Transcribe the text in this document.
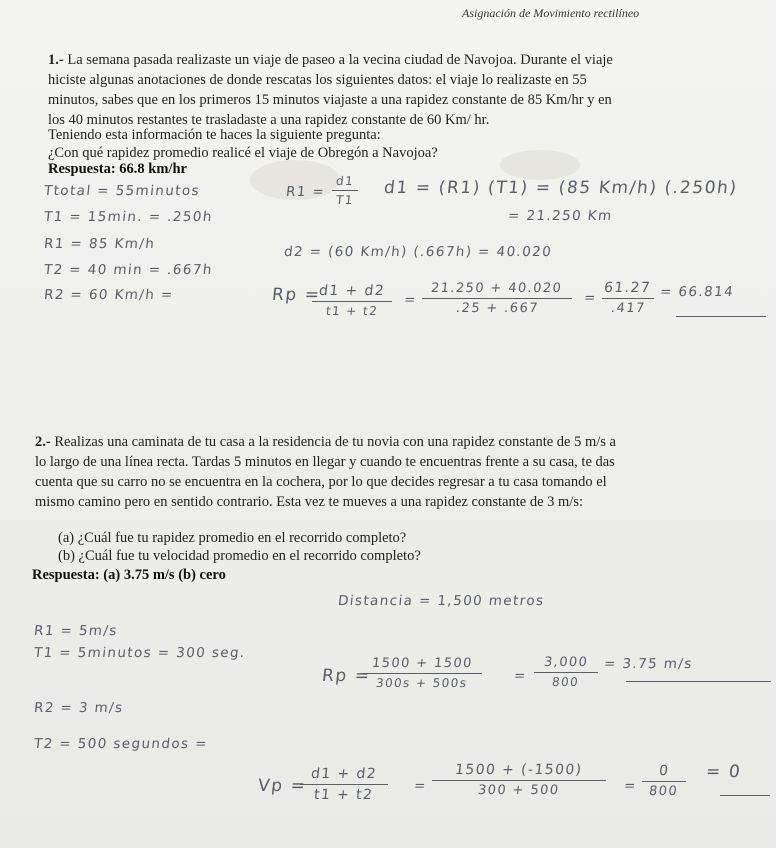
Asignación de Movimiento rectilíneo
1.- La semana pasada realizaste un viaje de paseo a la vecina ciudad de Navojoa. Durante el viaje hiciste algunas anotaciones de donde rescatas los siguientes datos: el viaje lo realizaste en 55 minutos, sabes que en los primeros 15 minutos viajaste a una rapidez constante de 85 Km/hr y en los 40 minutos restantes te trasladaste a una rapidez constante de 60 Km/ hr.
Teniendo esta información te haces la siguiente pregunta:
¿Con qué rapidez promedio realicé el viaje de Obregón a Navojoa?
Respuesta: 66.8 km/hr
Ttotal = 55minutos
T1 = 15min. = .250h
R1 = 85 Km/h
T2 = 40 min = .667h
R2 = 60 Km/h =
R1 =
d1
T1
d1 = (R1) (T1) = (85 Km/h) (.250h)
= 21.250 Km
d2 = (60 Km/h) (.667h) = 40.020
Rp =
d1 + d2
t1 + t2
=
21.250 + 40.020
.25 + .667
=
61.27
.417
= 66.814
2.- Realizas una caminata de tu casa a la residencia de tu novia con una rapidez constante de 5 m/s a lo largo de una línea recta. Tardas 5 minutos en llegar y cuando te encuentras frente a su casa, te das cuenta que su carro no se encuentra en la cochera, por lo que decides regresar a tu casa tomando el mismo camino pero en sentido contrario. Esta vez te mueves a una rapidez constante de 3 m/s:
(a) ¿Cuál fue tu rapidez promedio en el recorrido completo?
(b) ¿Cuál fue tu velocidad promedio en el recorrido completo?
Respuesta: (a) 3.75 m/s (b) cero
Distancia = 1,500 metros
R1 = 5m/s
T1 = 5minutos = 300 seg.
R2 = 3 m/s
T2 = 500 segundos =
Rp =
1500 + 1500
300s + 500s	=
3,000
800
= 3.75 m/s
Vp =
d1 + d2
t1 + t2
=
1500 + (-1500)
300 + 500	=
0
800
= 0
